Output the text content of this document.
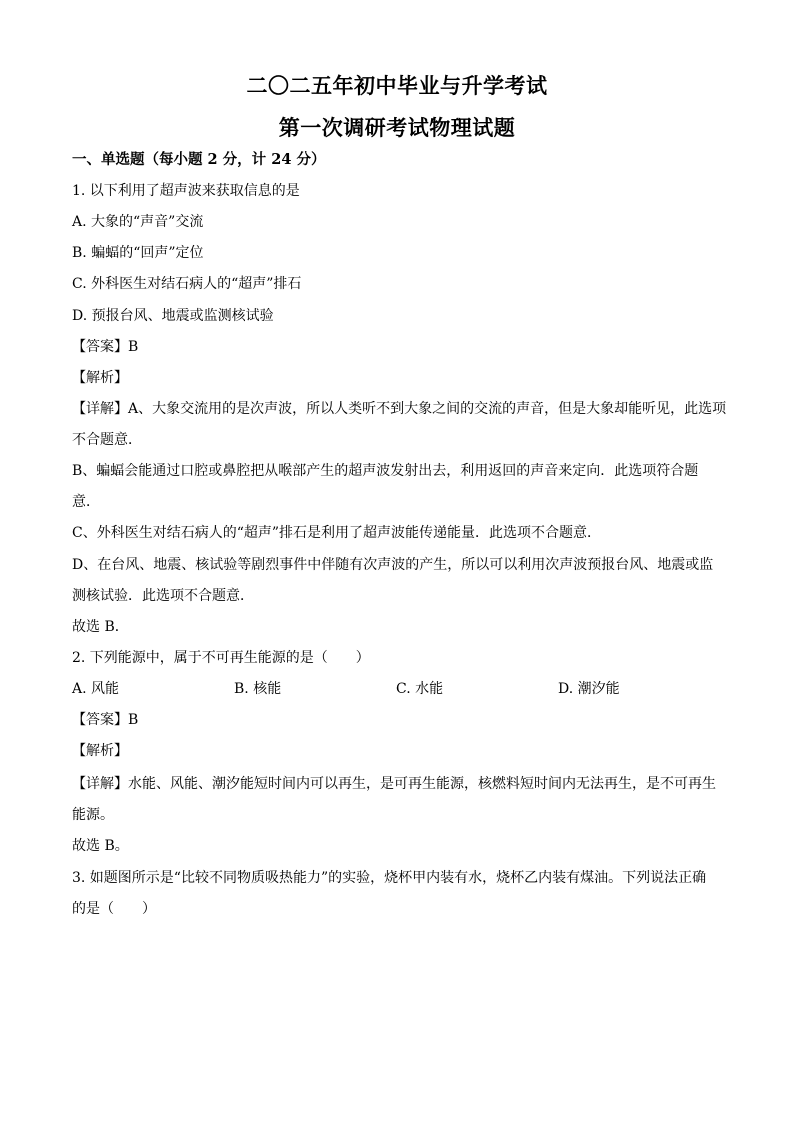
二〇二五年初中毕业与升学考试
第一次调研考试物理试题
一、单选题（每小题 2 分，计 24 分）
1. 以下利用了超声波来获取信息的是
A. 大象的“声音”交流
B. 蝙蝠的“回声”定位
C. 外科医生对结石病人的“超声”排石
D. 预报台风、地震或监测核试验
【答案】B
【解析】
【详解】A、大象交流用的是次声波，所以人类听不到大象之间的交流的声音，但是大象却能听见，此选项
不合题意．
B、蝙蝠会能通过口腔或鼻腔把从喉部产生的超声波发射出去，利用返回的声音来定向．此选项符合题
意．
C、外科医生对结石病人的“超声”排石是利用了超声波能传递能量．此选项不合题意．
D、在台风、地震、核试验等剧烈事件中伴随有次声波的产生，所以可以利用次声波预报台风、地震或监
测核试验．此选项不合题意．
故选 B．
2. 下列能源中，属于不可再生能源的是（　　）
A. 风能	B. 核能	C. 水能	D. 潮汐能
【答案】B
【解析】
【详解】水能、风能、潮汐能短时间内可以再生，是可再生能源，核燃料短时间内无法再生，是不可再生
能源。
故选 B。
3. 如题图所示是“比较不同物质吸热能力”的实验，烧杯甲内装有水，烧杯乙内装有煤油。下列说法正确
的是（　　）
